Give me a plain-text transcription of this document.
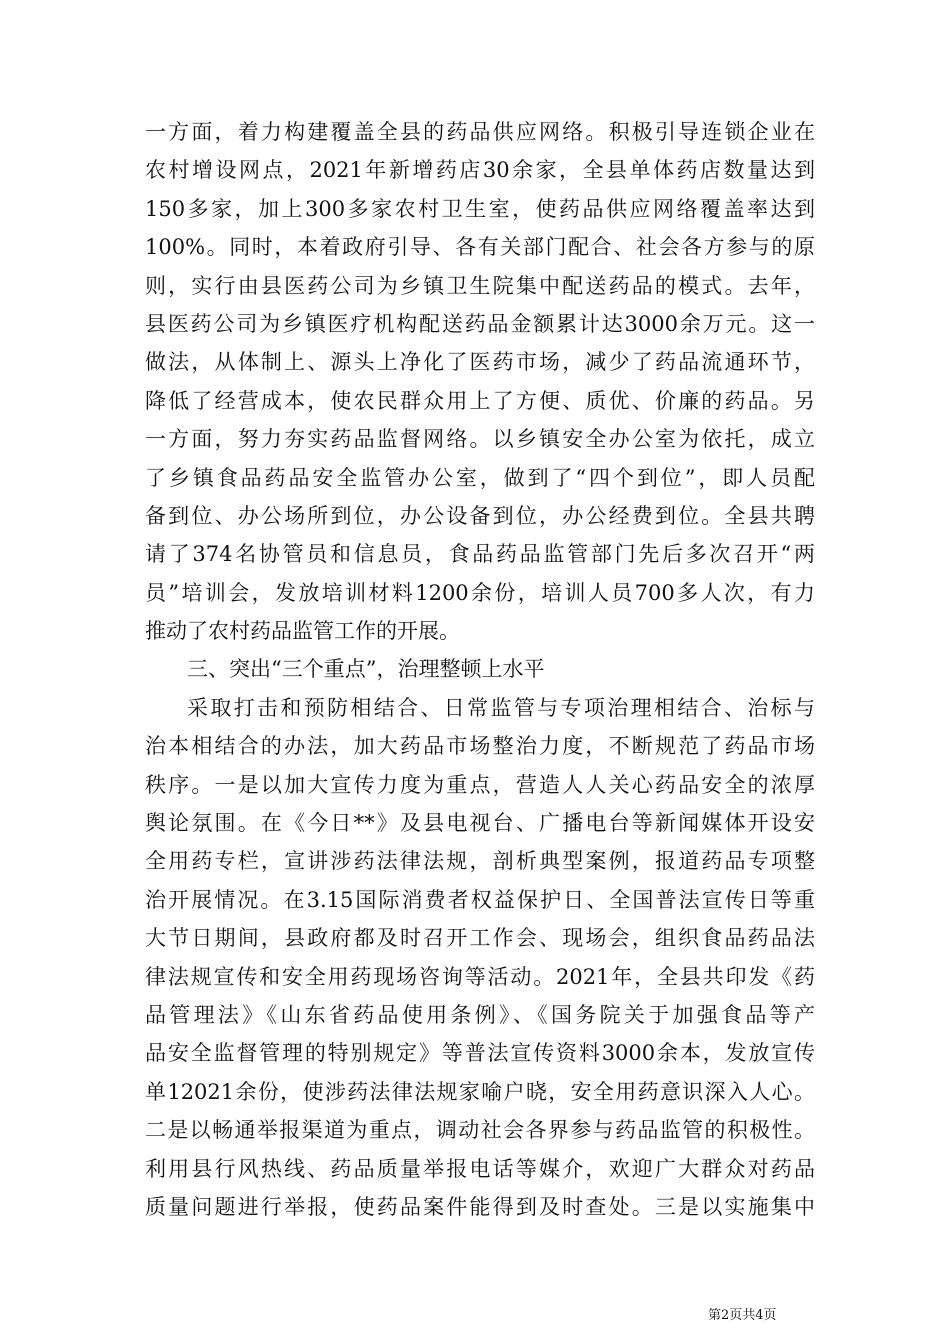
一方面，着力构建覆盖全县的药品供应网络。积极引导连锁企业在
农村增设网点，2021年新增药店30余家，全县单体药店数量达到
150多家，加上300多家农村卫生室，使药品供应网络覆盖率达到
100%。同时，本着政府引导、各有关部门配合、社会各方参与的原
则，实行由县医药公司为乡镇卫生院集中配送药品的模式。去年，
县医药公司为乡镇医疗机构配送药品金额累计达3000余万元。这一
做法，从体制上、源头上净化了医药市场，减少了药品流通环节，
降低了经营成本，使农民群众用上了方便、质优、价廉的药品。另
一方面，努力夯实药品监督网络。以乡镇安全办公室为依托，成立
了乡镇食品药品安全监管办公室，做到了“四个到位”，即人员配
备到位、办公场所到位，办公设备到位，办公经费到位。全县共聘
请了374名协管员和信息员，食品药品监管部门先后多次召开“两
员”培训会，发放培训材料1200余份，培训人员700多人次，有力
推动了农村药品监管工作的开展。
三、突出“三个重点”，治理整顿上水平
采取打击和预防相结合、日常监管与专项治理相结合、治标与
治本相结合的办法，加大药品市场整治力度，不断规范了药品市场
秩序。一是以加大宣传力度为重点，营造人人关心药品安全的浓厚
舆论氛围。在《今日**》及县电视台、广播电台等新闻媒体开设安
全用药专栏，宣讲涉药法律法规，剖析典型案例，报道药品专项整
治开展情况。在3.15国际消费者权益保护日、全国普法宣传日等重
大节日期间，县政府都及时召开工作会、现场会，组织食品药品法
律法规宣传和安全用药现场咨询等活动。2021年，全县共印发《药
品管理法》《山东省药品使用条例》、《国务院关于加强食品等产
品安全监督管理的特别规定》等普法宣传资料3000余本，发放宣传
单12021余份，使涉药法律法规家喻户晓，安全用药意识深入人心。
二是以畅通举报渠道为重点，调动社会各界参与药品监管的积极性。
利用县行风热线、药品质量举报电话等媒介，欢迎广大群众对药品
质量问题进行举报，使药品案件能得到及时查处。三是以实施集中
第2页共4页
